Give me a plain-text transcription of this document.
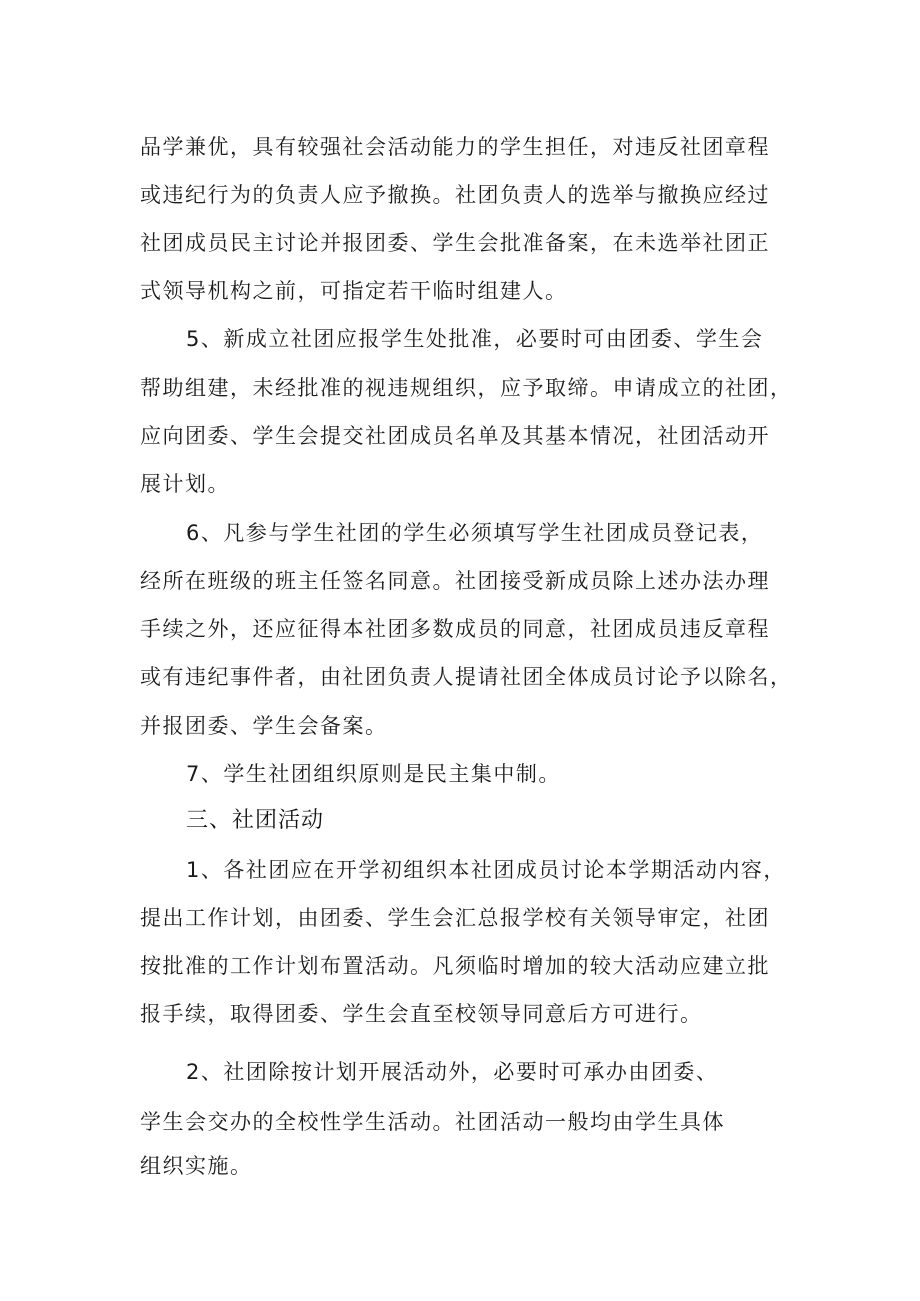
品学兼优，具有较强社会活动能力的学生担任，对违反社团章程
或违纪行为的负责人应予撤换。社团负责人的选举与撤换应经过
社团成员民主讨论并报团委、学生会批准备案，在未选举社团正
式领导机构之前，可指定若干临时组建人。
5、新成立社团应报学生处批准，必要时可由团委、学生会
帮助组建，未经批准的视违规组织，应予取缔。申请成立的社团，
应向团委、学生会提交社团成员名单及其基本情况，社团活动开
展计划。
6、凡参与学生社团的学生必须填写学生社团成员登记表，
经所在班级的班主任签名同意。社团接受新成员除上述办法办理
手续之外，还应征得本社团多数成员的同意，社团成员违反章程
或有违纪事件者，由社团负责人提请社团全体成员讨论予以除名，
并报团委、学生会备案。
7、学生社团组织原则是民主集中制。
三、社团活动
1、各社团应在开学初组织本社团成员讨论本学期活动内容，
提出工作计划，由团委、学生会汇总报学校有关领导审定，社团
按批准的工作计划布置活动。凡须临时增加的较大活动应建立批
报手续，取得团委、学生会直至校领导同意后方可进行。
2、社团除按计划开展活动外，必要时可承办由团委、
学生会交办的全校性学生活动。社团活动一般均由学生具体
组织实施。
